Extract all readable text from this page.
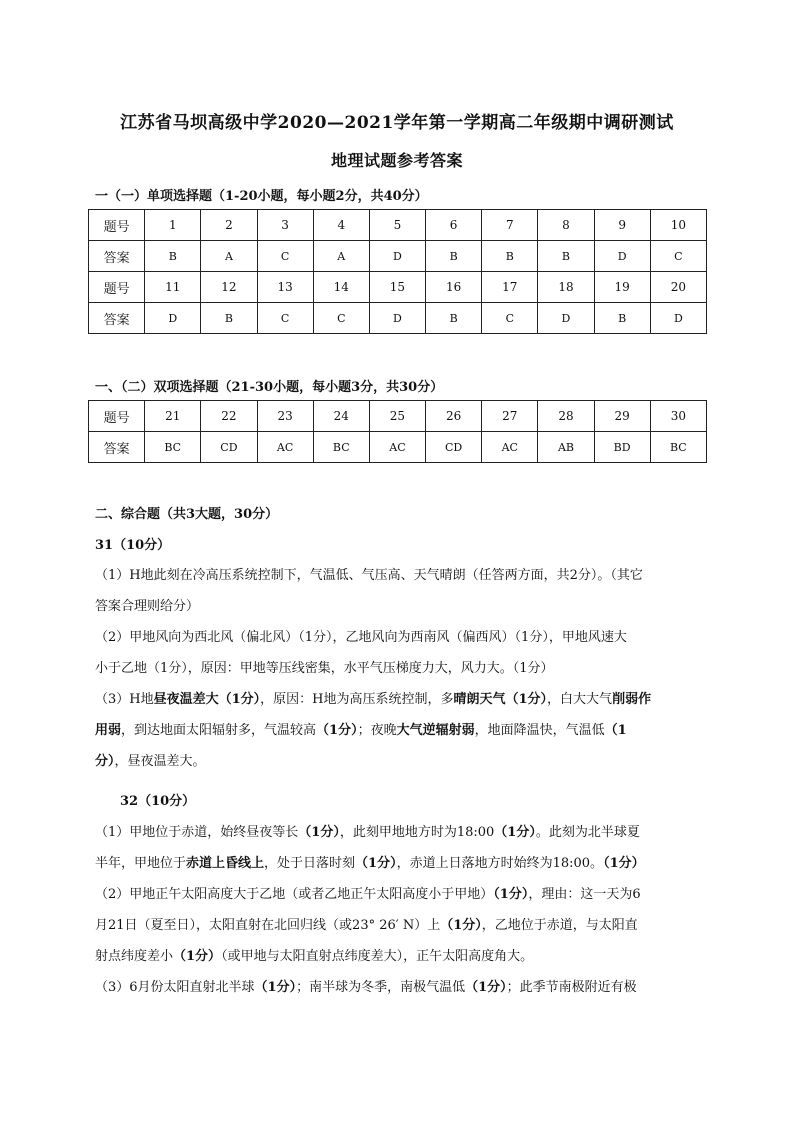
江苏省马坝高级中学2020—2021学年第一学期高二年级期中调研测试
地理试题参考答案
一（一）单项选择题（1-20小题，每小题2分，共40分）
题号	1	2	3	4	5	6	7	8	9	10
答案	B	A	C	A	D	B	B	B	D	C
题号	11	12	13	14	15	16	17	18	19	20
答案	D	B	C	C	D	B	C	D	B	D
一、（二）双项选择题（21-30小题，每小题3分，共30分）
题号	21	22	23	24	25	26	27	28	29	30
答案	BC	CD	AC	BC	AC	CD	AC	AB	BD	BC
二、综合题（共3大题，30分）
31（10分）
（1）H地此刻在冷高压系统控制下，气温低、气压高、天气晴朗（任答两方面，共2分）。（其它
答案合理则给分）
（2）甲地风向为西北风（偏北风）（1分），乙地风向为西南风（偏西风）（1分），甲地风速大
小于乙地（1分），原因：甲地等压线密集，水平气压梯度力大，风力大。（1分）
（3）H地昼夜温差大（1分），原因：H地为高压系统控制，多晴朗天气（1分），白大大气削弱作
用弱，到达地面太阳辐射多，气温较高（1分）；夜晚大气逆辐射弱，地面降温快，气温低（1
分），昼夜温差大。
32（10分）
（1）甲地位于赤道，始终昼夜等长（1分），此刻甲地地方时为18:00（1分）。此刻为北半球夏
半年，甲地位于赤道上昏线上，处于日落时刻（1分），赤道上日落地方时始终为18:00。（1分）
（2）甲地正午太阳高度大于乙地（或者乙地正午太阳高度小于甲地）（1分），理由：这一天为6
月21日（夏至日），太阳直射在北回归线（或23° 26′ N）上（1分），乙地位于赤道，与太阳直
射点纬度差小（1分）（或甲地与太阳直射点纬度差大），正午太阳高度角大。
（3）6月份太阳直射北半球（1分）；南半球为冬季，南极气温低（1分）；此季节南极附近有极
